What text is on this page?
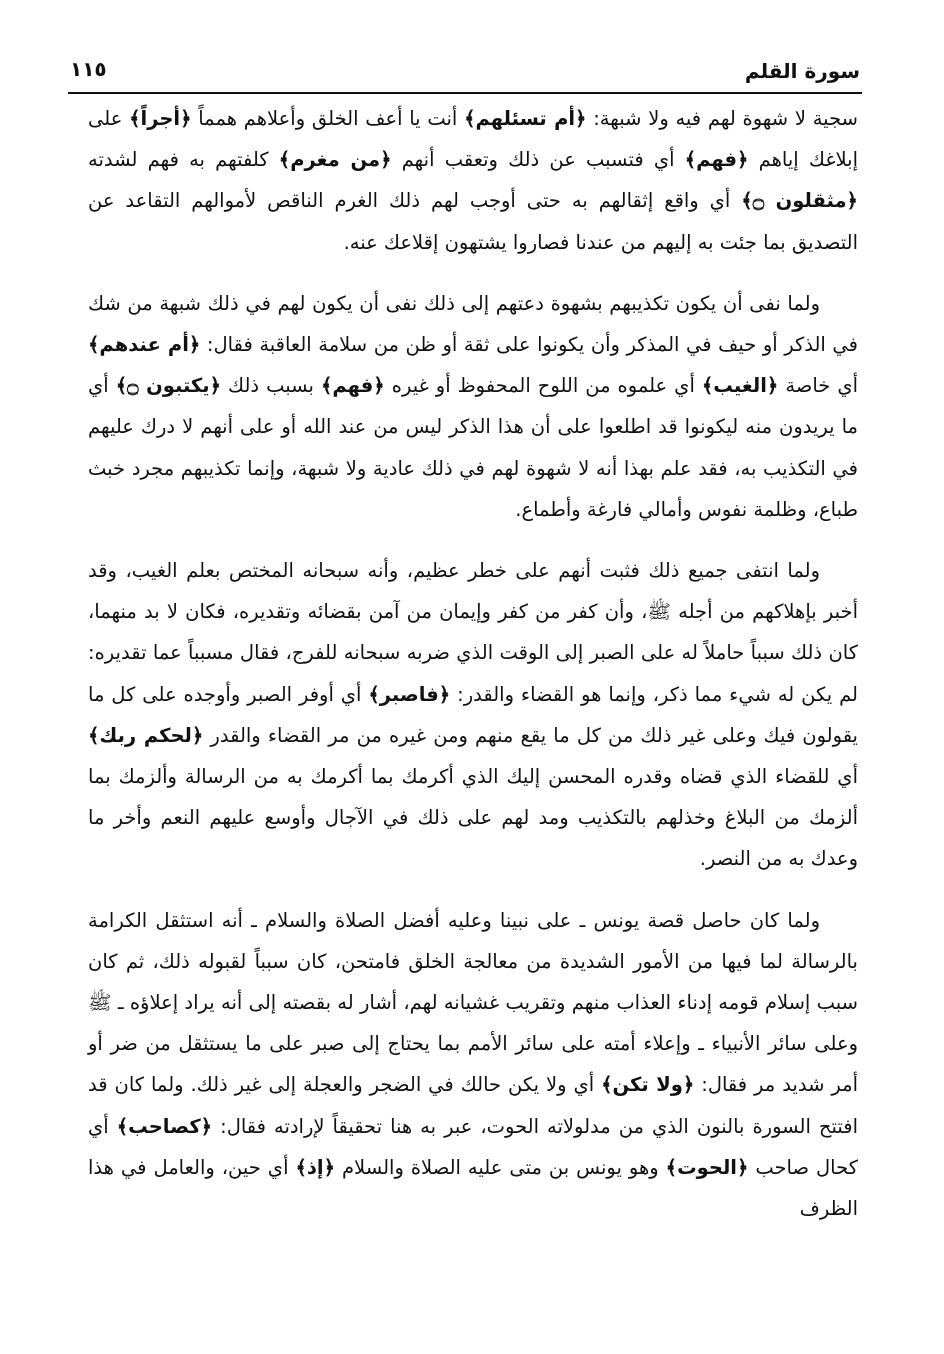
سورة القلم
١١٥

سجية لا شهوة لهم فيه ولا شبهة: ﴿أم تسئلهم﴾ أنت يا أعف الخلق وأعلاهم همماً ﴿أجراً﴾ على إبلاغك إياهم ﴿فهم﴾ أي فتسبب عن ذلك وتعقب أنهم ﴿من مغرم﴾ كلفتهم به فهم لشدته ﴿مثقلون ۝﴾ أي واقع إثقالهم به حتى أوجب لهم ذلك الغرم الناقص لأموالهم التقاعد عن التصديق بما جئت به إليهم من عندنا فصاروا يشتهون إقلاعك عنه.

ولما نفى أن يكون تكذيبهم بشهوة دعتهم إلى ذلك نفى أن يكون لهم في ذلك شبهة من شك في الذكر أو حيف في المذكر وأن يكونوا على ثقة أو ظن من سلامة العاقبة فقال: ﴿أم عندهم﴾ أي خاصة ﴿الغيب﴾ أي علموه من اللوح المحفوظ أو غيره ﴿فهم﴾ بسبب ذلك ﴿يكتبون ۝﴾ أي ما يريدون منه ليكونوا قد اطلعوا على أن هذا الذكر ليس من عند الله أو على أنهم لا درك عليهم في التكذيب به، فقد علم بهذا أنه لا شهوة لهم في ذلك عادية ولا شبهة، وإنما تكذيبهم مجرد خبث طباع، وظلمة نفوس وأمالي فارغة وأطماع.

ولما انتفى جميع ذلك فثبت أنهم على خطر عظيم، وأنه سبحانه المختص بعلم الغيب، وقد أخبر بإهلاكهم من أجله ﷺ، وأن كفر من كفر وإيمان من آمن بقضائه وتقديره، فكان لا بد منهما، كان ذلك سبباً حاملاً له على الصبر إلى الوقت الذي ضربه سبحانه للفرج، فقال مسبباً عما تقديره: لم يكن له شيء مما ذكر، وإنما هو القضاء والقدر: ﴿فاصبر﴾ أي أوفر الصبر وأوجده على كل ما يقولون فيك وعلى غير ذلك من كل ما يقع منهم ومن غيره من مر القضاء والقدر ﴿لحكم ربك﴾ أي للقضاء الذي قضاه وقدره المحسن إليك الذي أكرمك بما أكرمك به من الرسالة وألزمك بما ألزمك من البلاغ وخذلهم بالتكذيب ومد لهم على ذلك في الآجال وأوسع عليهم النعم وأخر ما وعدك به من النصر.

ولما كان حاصل قصة يونس ـ على نبينا وعليه أفضل الصلاة والسلام ـ أنه استثقل الكرامة بالرسالة لما فيها من الأمور الشديدة من معالجة الخلق فامتحن، كان سبباً لقبوله ذلك، ثم كان سبب إسلام قومه إدناء العذاب منهم وتقريب غشيانه لهم، أشار له بقصته إلى أنه يراد إعلاؤه ـ ﷺ وعلى سائر الأنبياء ـ وإعلاء أمته على سائر الأمم بما يحتاج إلى صبر على ما يستثقل من ضر أو أمر شديد مر فقال: ﴿ولا تكن﴾ أي ولا يكن حالك في الضجر والعجلة إلى غير ذلك. ولما كان قد افتتح السورة بالنون الذي من مدلولاته الحوت، عبر به هنا تحقيقاً لإرادته فقال: ﴿كصاحب﴾ أي كحال صاحب ﴿الحوت﴾ وهو يونس بن متى عليه الصلاة والسلام ﴿إذ﴾ أي حين، والعامل في هذا الظرف
